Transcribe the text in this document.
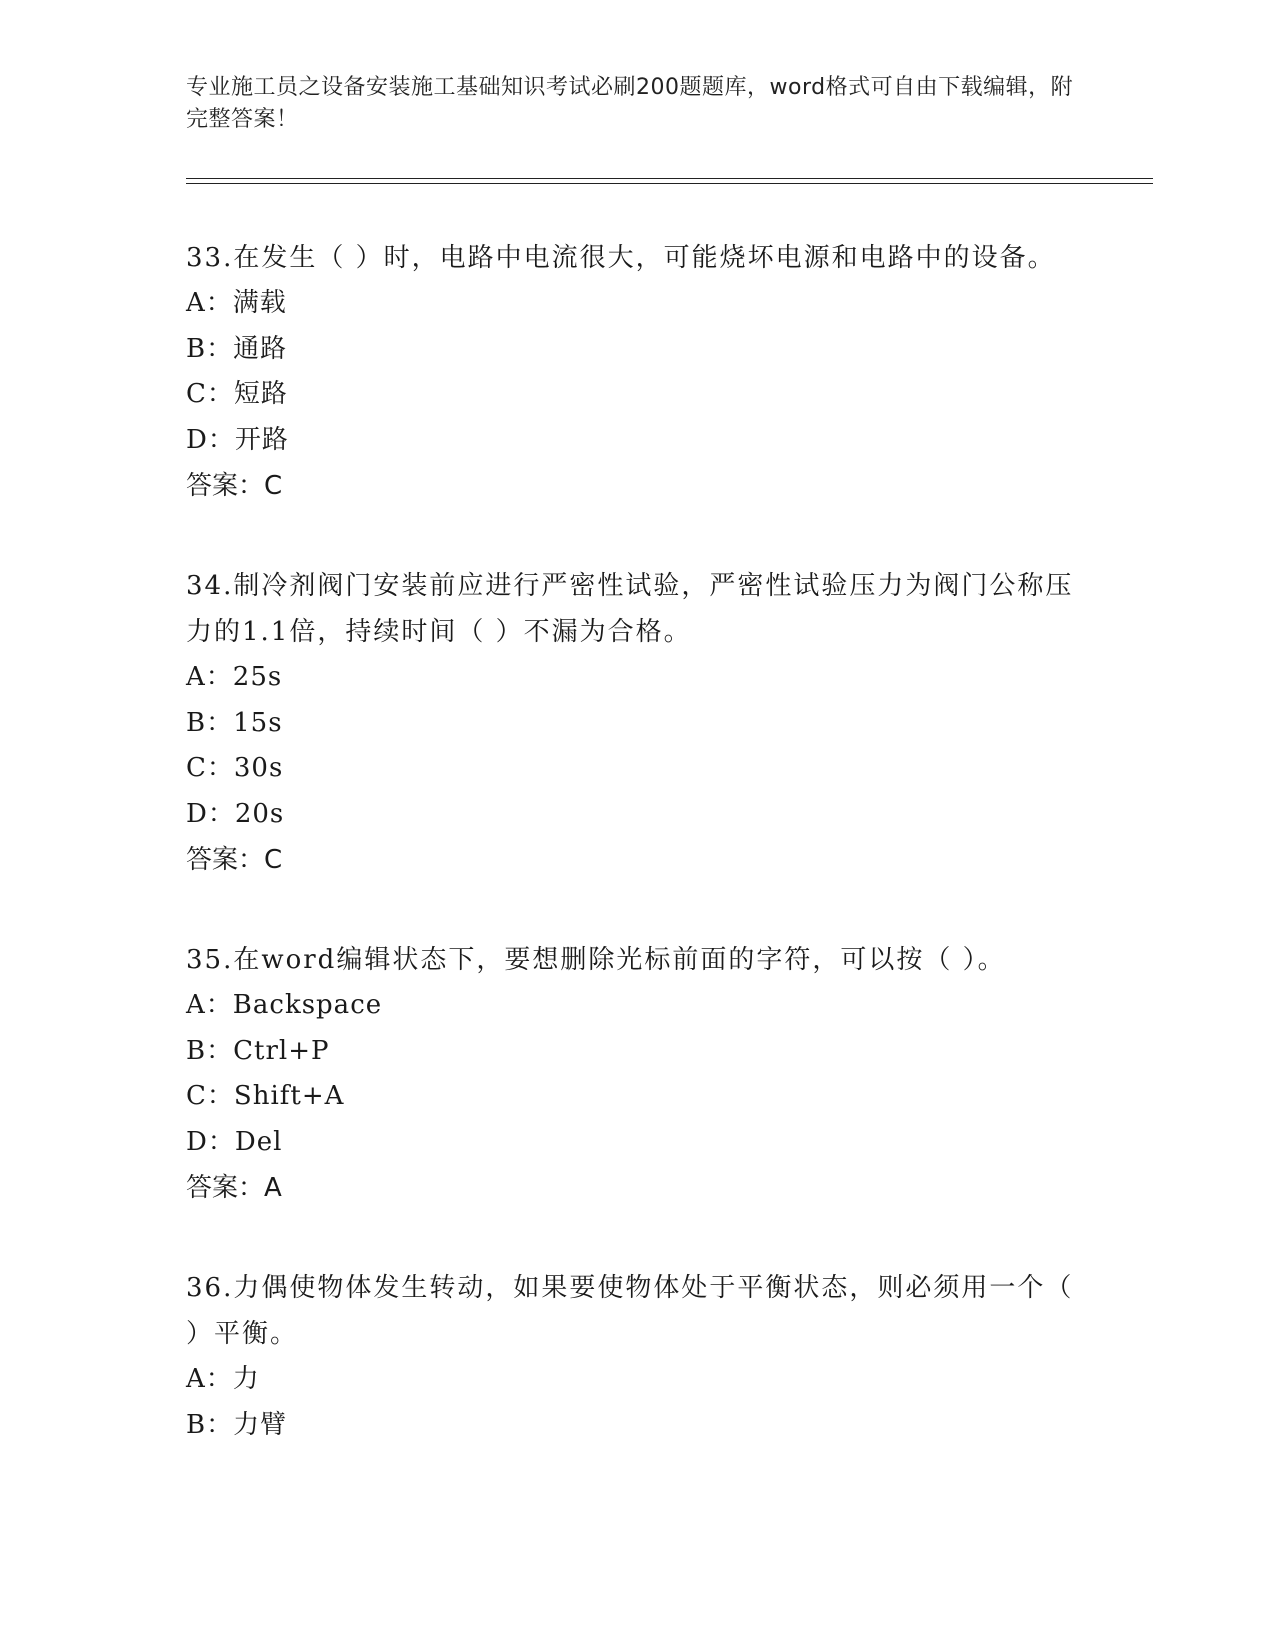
专业施工员之设备安装施工基础知识考试必刷200题题库，word格式可自由下载编辑，附完整答案！

33.在发生（ ）时，电路中电流很大，可能烧坏电源和电路中的设备。

A：满载

B：通路

C：短路

D：开路

答案：C

34.制冷剂阀门安装前应进行严密性试验，严密性试验压力为阀门公称压力的1.1倍，持续时间（ ）不漏为合格。

A：25s

B：15s

C：30s

D：20s

答案：C

35.在word编辑状态下，要想删除光标前面的字符，可以按（ ）。

A：Backspace

B：Ctrl+P

C：Shift+A

D：Del

答案：A

36.力偶使物体发生转动，如果要使物体处于平衡状态，则必须用一个（ ）平衡。

A：力

B：力臂
